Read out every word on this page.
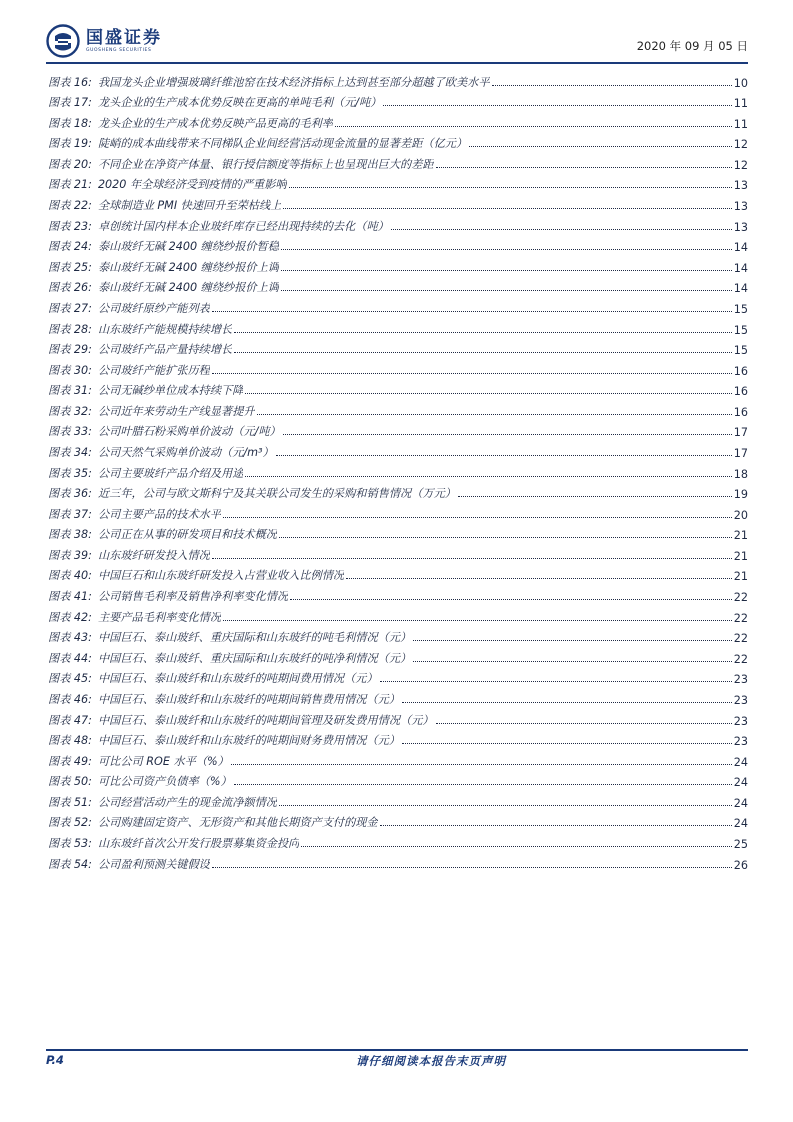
国盛证券
GUOSHENG SECURITIES	2020 年 09 月 05 日
图表 16: 我国龙头企业增强玻璃纤维池窑在技术经济指标上达到甚至部分超越了欧美水平	10
图表 17: 龙头企业的生产成本优势反映在更高的单吨毛利（元/吨）	11
图表 18: 龙头企业的生产成本优势反映产品更高的毛利率	11
图表 19: 陡峭的成本曲线带来不同梯队企业间经营活动现金流量的显著差距（亿元）	12
图表 20: 不同企业在净资产体量、银行授信额度等指标上也呈现出巨大的差距	12
图表 21: 2020 年全球经济受到疫情的严重影响	13
图表 22: 全球制造业 PMI 快速回升至荣枯线上	13
图表 23: 卓创统计国内样本企业玻纤库存已经出现持续的去化（吨）	13
图表 24: 泰山玻纤无碱 2400 缠绕纱报价暂稳	14
图表 25: 泰山玻纤无碱 2400 缠绕纱报价上调	14
图表 26: 泰山玻纤无碱 2400 缠绕纱报价上调	14
图表 27: 公司玻纤原纱产能列表	15
图表 28: 山东玻纤产能规模持续增长	15
图表 29: 公司玻纤产品产量持续增长	15
图表 30: 公司玻纤产能扩张历程	16
图表 31: 公司无碱纱单位成本持续下降	16
图表 32: 公司近年来劳动生产线显著提升	16
图表 33: 公司叶腊石粉采购单价波动（元/吨）	17
图表 34: 公司天然气采购单价波动（元/m³）	17
图表 35: 公司主要玻纤产品介绍及用途	18
图表 36: 近三年，公司与欧文斯科宁及其关联公司发生的采购和销售情况（万元）	19
图表 37: 公司主要产品的技术水平	20
图表 38: 公司正在从事的研发项目和技术概况	21
图表 39: 山东玻纤研发投入情况	21
图表 40: 中国巨石和山东玻纤研发投入占营业收入比例情况	21
图表 41: 公司销售毛利率及销售净利率变化情况	22
图表 42: 主要产品毛利率变化情况	22
图表 43: 中国巨石、泰山玻纤、重庆国际和山东玻纤的吨毛利情况（元）	22
图表 44: 中国巨石、泰山玻纤、重庆国际和山东玻纤的吨净利情况（元）	22
图表 45: 中国巨石、泰山玻纤和山东玻纤的吨期间费用情况（元）	23
图表 46: 中国巨石、泰山玻纤和山东玻纤的吨期间销售费用情况（元）	23
图表 47: 中国巨石、泰山玻纤和山东玻纤的吨期间管理及研发费用情况（元）	23
图表 48: 中国巨石、泰山玻纤和山东玻纤的吨期间财务费用情况（元）	23
图表 49: 可比公司 ROE 水平（%）	24
图表 50: 可比公司资产负债率（%）	24
图表 51: 公司经营活动产生的现金流净额情况	24
图表 52: 公司购建固定资产、无形资产和其他长期资产支付的现金	24
图表 53: 山东玻纤首次公开发行股票募集资金投向	25
图表 54: 公司盈利预测关键假设	26
P.4	请仔细阅读本报告末页声明
